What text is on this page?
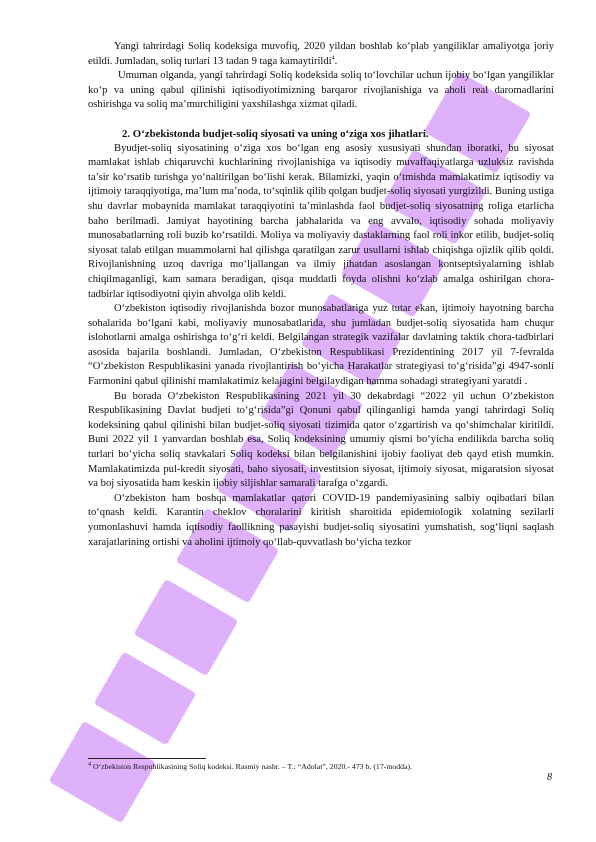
Yangi tahrirdagi Soliq kodeksiga muvofiq, 2020 yildan boshlab ko‘plab yangiliklar amaliyotga joriy etildi. Jumladan, soliq turlari 13 tadan 9 taga kamaytirildi$^4$.

Umuman olganda, yangi tahrirdagi Soliq kodeksida soliq to‘lovchilar uchun ijobiy bo‘lgan yangiliklar ko‘p va uning qabul qilinishi iqtisodiyotimizning barqaror rivojlanishiga va aholi real daromadlarini oshirishga va soliq ma’murchiligini yaxshilashga xizmat qiladi.

2. O‘zbekistonda budjet-soliq siyosati va uning o‘ziga xos jihatlari.

Byudjet-soliq siyosatining o‘ziga xos bo‘lgan eng asosiy xususiyati shundan iboratki, bu siyosat mamlakat ishlab chiqaruvchi kuchlarining rivojlanishiga va iqtisodiy muvaffaqiyatlarga uzluksiz ravishda ta’sir ko‘rsatib turishga yo‘naltirilgan bo‘lishi kerak. Bilamizki, yaqin o‘tmishda mamlakatimiz iqtisodiy va ijtimoiy taraqqiyotiga, ma’lum ma’noda, to‘sqinlik qilib qolgan budjet-soliq siyosati yurgizildi. Buning ustiga shu davrlar mobaynida mamlakat taraqqiyotini ta’minlashda faol budjet-soliq siyosatning roliga etarlicha baho berilmadi. Jamiyat hayotining barcha jabhalarida va eng avvalo, iqtisodiy sohada moliyaviy munosabatlarning roli buzib ko‘rsatildi. Moliya va moliyaviy dastaklarning faol roli inkor etilib, budjet-soliq siyosat talab etilgan muammolarni hal qilishga qaratilgan zarur usullarni ishlab chiqishga ojizlik qilib qoldi. Rivojlanishning uzoq davriga mo‘ljallangan va ilmiy jihatdan asoslangan kontseptsiyalarning ishlab chiqilmaganligi, kam samara beradigan, qisqa muddatli foyda olishni ko‘zlab amalga oshirilgan chora-tadbirlar iqtisodiyotni qiyin ahvolga olib keldi.

O‘zbekiston iqtisodiy rivojlanishda bozor munosabatlariga yuz tutar ekan, ijtimoiy hayotning barcha sohalarida bo‘lgani kabi, moliyaviy munosabatlarida, shu jumladan budjet-soliq siyosatida ham chuqur islohotlarni amalga oshirishga to‘g‘ri keldi. Belgilangan strategik vazifalar davlatning taktik chora-tadbirlari asosida bajarila boshlandi. Jumladan, O‘zbekiston Respublikasi Prezidentining 2017 yil 7-fevralda “O‘zbekiston Respublikasini yanada rivojlantirish bo‘yicha Harakatlar strategiyasi to‘g‘risida”gi 4947-sonli Farmonini qabul qilinishi mamlakatimiz kelajagini belgilaydigan hamma sohadagi strategiyani yaratdi .

Bu borada O‘zbekiston Respublikasining 2021 yil 30 dekabrdagi “2022 yil uchun O‘zbekiston Respublikasining Davlat budjeti to‘g‘risida”gi Qonuni qabul qilinganligi hamda yangi tahrirdagi Soliq kodeksining qabul qilinishi bilan budjet-soliq siyosati tizimida qator o‘zgartirish va qo‘shimchalar kiritildi. Buni 2022 yil 1 yanvardan boshlab esa, Soliq kodeksining umumiy qismi bo‘yicha endilikda barcha soliq turlari bo‘yicha soliq stavkalari Soliq kodeksi bilan belgilanishini ijobiy faoliyat deb qayd etish mumkin. Mamlakatimizda pul-kredit siyosati, baho siyosati, investitsion siyosat, ijtimoiy siyosat, migaratsion siyosat va boj siyosatida ham keskin ijobiy siljishlar samarali tarafga o‘zgardi.

O‘zbekiston ham boshqa mamlakatlar qatori COVID-19 pandemiyasining salbiy oqibatlari bilan to‘qnash keldi. Karantin cheklov choralarini kiritish sharoitida epidemiologik xolatning sezilarli yomonlashuvi hamda iqtisodiy faollikning pasayishi budjet-soliq siyosatini yumshatish, sog‘liqni saqlash xarajatlarining ortishi va aholini ijtimoiy qo‘llab-quvvatlash bo‘yicha tezkor

$^4$ O‘zbekiston Respublikasining Soliq kodeksi. Rasmiy nashr. – T.: “Adolat”, 2020.- 473 b. (17-modda).
8
